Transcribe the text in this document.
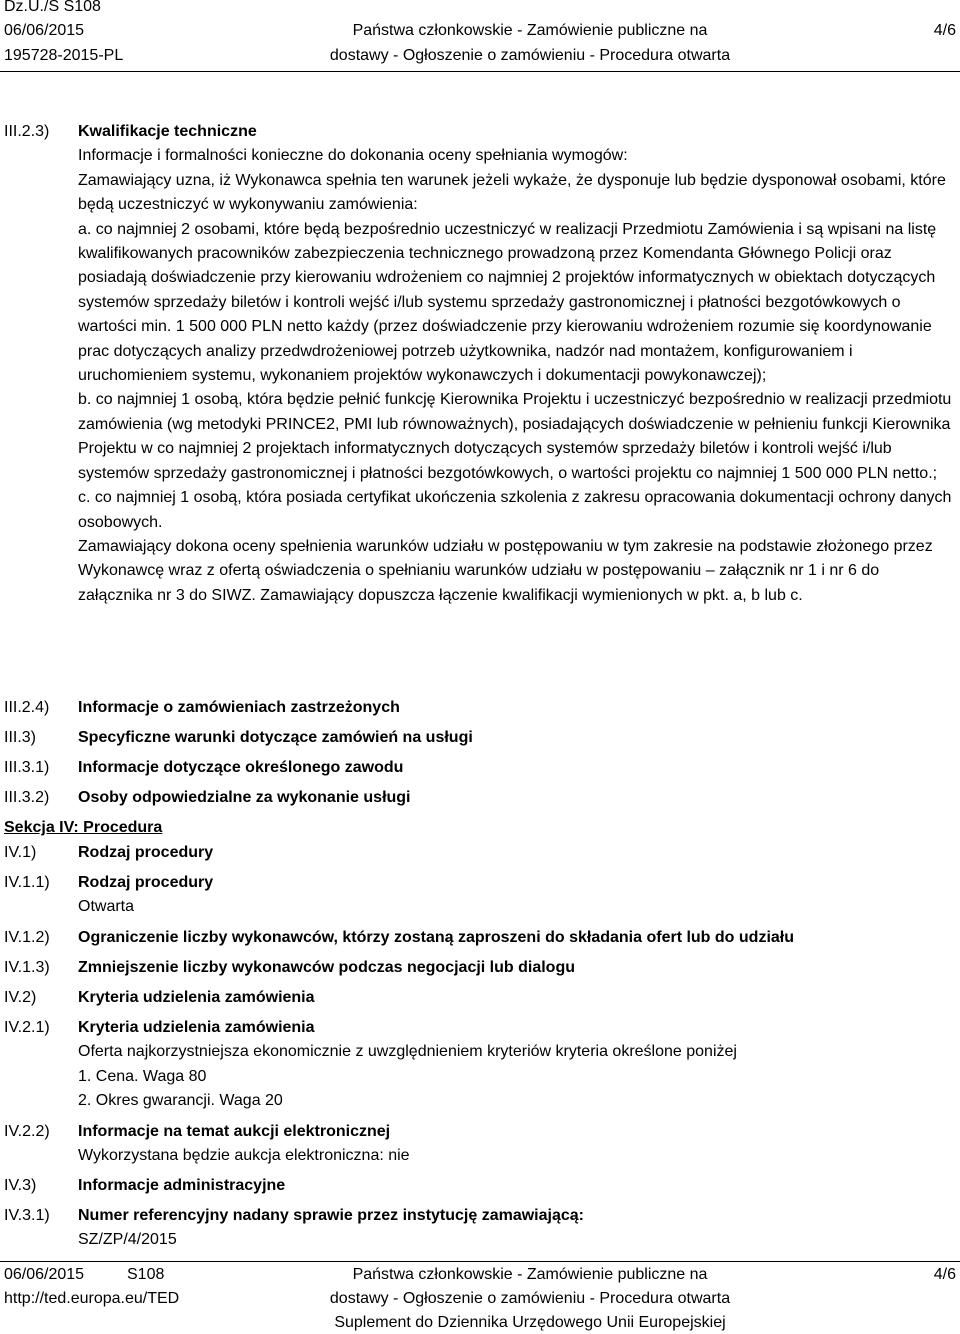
Dz.U./S S108
06/06/2015
195728-2015-PL
Państwa członkowskie - Zamówienie publiczne na
dostawy - Ogłoszenie o zamówieniu - Procedura otwarta
4/6
III.2.3) Kwalifikacje techniczne

Informacje i formalności konieczne do dokonania oceny spełniania wymogów:

Zamawiający uzna, iż Wykonawca spełnia ten warunek jeżeli wykaże, że dysponuje lub będzie dysponował osobami, które będą uczestniczyć w wykonywaniu zamówienia:

a. co najmniej 2 osobami, które będą bezpośrednio uczestniczyć w realizacji Przedmiotu Zamówienia i są wpisani na listę kwalifikowanych pracowników zabezpieczenia technicznego prowadzoną przez Komendanta Głównego Policji oraz posiadają doświadczenie przy kierowaniu wdrożeniem co najmniej 2 projektów informatycznych w obiektach dotyczących systemów sprzedaży biletów i kontroli wejść i/lub systemu sprzedaży gastronomicznej i płatności bezgotówkowych o wartości min. 1 500 000 PLN netto każdy (przez doświadczenie przy kierowaniu wdrożeniem rozumie się koordynowanie prac dotyczących analizy przedwdrożeniowej potrzeb użytkownika, nadzór nad montażem, konfigurowaniem i uruchomieniem systemu, wykonaniem projektów wykonawczych i dokumentacji powykonawczej);

b. co najmniej 1 osobą, która będzie pełnić funkcję Kierownika Projektu i uczestniczyć bezpośrednio w realizacji przedmiotu zamówienia (wg metodyki PRINCE2, PMI lub równoważnych), posiadających doświadczenie w pełnieniu funkcji Kierownika Projektu w co najmniej 2 projektach informatycznych dotyczących systemów sprzedaży biletów i kontroli wejść i/lub systemów sprzedaży gastronomicznej i płatności bezgotówkowych, o wartości projektu co najmniej 1 500 000 PLN netto.;

c. co najmniej 1 osobą, która posiada certyfikat ukończenia szkolenia z zakresu opracowania dokumentacji ochrony danych osobowych.

Zamawiający dokona oceny spełnienia warunków udziału w postępowaniu w tym zakresie na podstawie złożonego przez Wykonawcę wraz z ofertą oświadczenia o spełnianiu warunków udziału w postępowaniu – załącznik nr 1 i nr 6 do załącznika nr 3 do SIWZ. Zamawiający dopuszcza łączenie kwalifikacji wymienionych w pkt. a, b lub c.

III.2.4) Informacje o zamówieniach zastrzeżonych

III.3)	Specyficzne warunki dotyczące zamówień na usługi

III.3.1) Informacje dotyczące określonego zawodu

III.3.2) Osoby odpowiedzialne za wykonanie usługi

Sekcja IV: Procedura
IV.1)	Rodzaj procedury

IV.1.1) Rodzaj procedury

Otwarta

IV.1.2) Ograniczenie liczby wykonawców, którzy zostaną zaproszeni do składania ofert lub do udziału

IV.1.3) Zmniejszenie liczby wykonawców podczas negocjacji lub dialogu

IV.2)	Kryteria udzielenia zamówienia

IV.2.1) Kryteria udzielenia zamówienia

Oferta najkorzystniejsza ekonomicznie z uwzględnieniem kryteriów kryteria określone poniżej

1. Cena. Waga 80

2. Okres gwarancji. Waga 20

IV.2.2) Informacje na temat aukcji elektronicznej

Wykorzystana będzie aukcja elektroniczna: nie

IV.3)	Informacje administracyjne

IV.3.1) Numer referencyjny nadany sprawie przez instytucję zamawiającą:

SZ/ZP/4/2015

06/06/2015	S108
http://ted.europa.eu/TED
Państwa członkowskie - Zamówienie publiczne na
dostawy - Ogłoszenie o zamówieniu - Procedura otwarta
Suplement do Dziennika Urzędowego Unii Europejskiej
4/6
